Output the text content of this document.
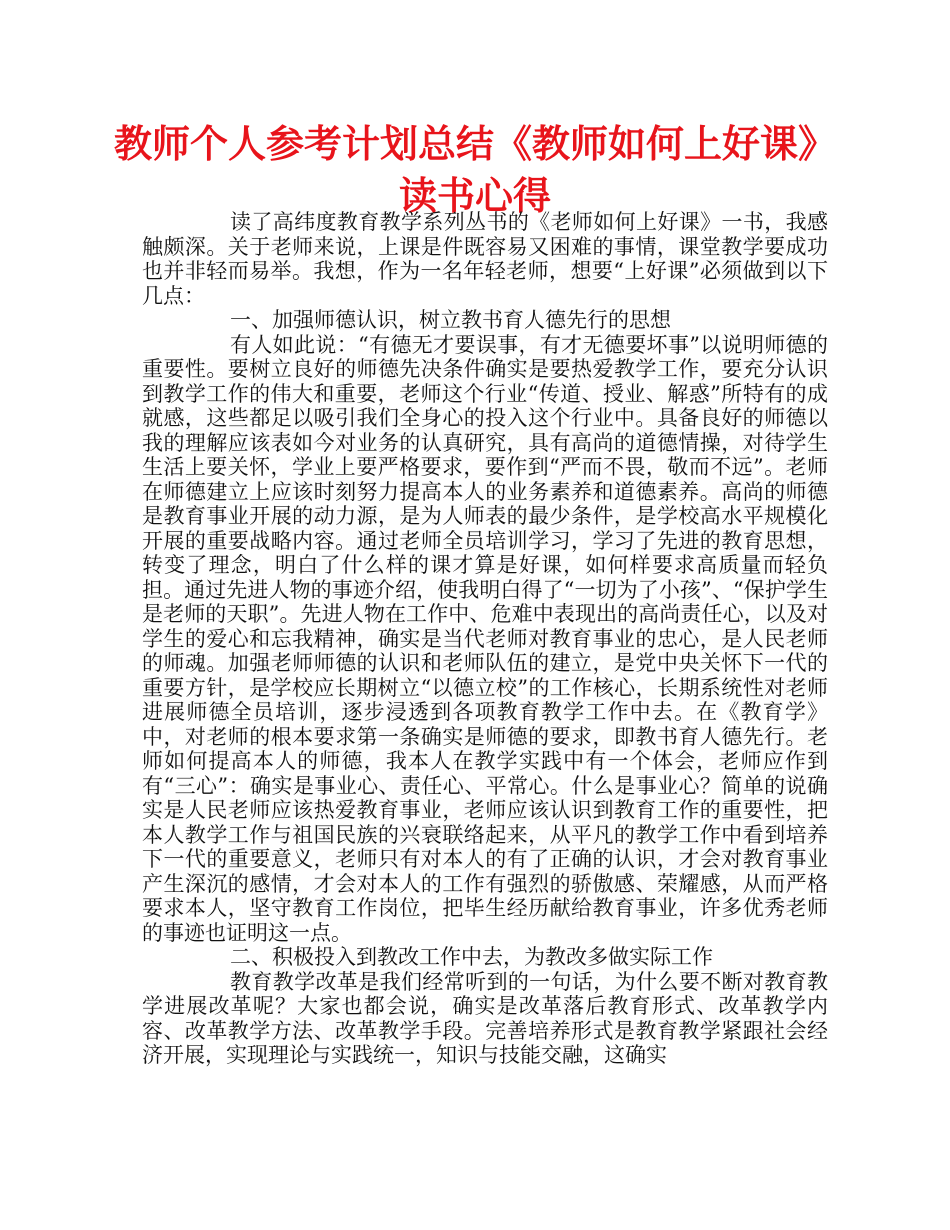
教师个人参考计划总结《教师如何上好课》读书心得

读了高纬度教育教学系列丛书的《老师如何上好课》一书，我感触颇深。关于老师来说，上课是件既容易又困难的事情，课堂教学要成功也并非轻而易举。我想，作为一名年轻老师，想要“上好课”必须做到以下几点：

一、加强师德认识，树立教书育人德先行的思想

有人如此说：“有德无才要误事，有才无德要坏事”以说明师德的重要性。要树立良好的师德先决条件确实是要热爱教学工作，要充分认识到教学工作的伟大和重要，老师这个行业“传道、授业、解惑”所特有的成就感，这些都足以吸引我们全身心的投入这个行业中。具备良好的师德以我的理解应该表如今对业务的认真研究，具有高尚的道德情操，对待学生生活上要关怀，学业上要严格要求，要作到“严而不畏，敬而不远”。老师在师德建立上应该时刻努力提高本人的业务素养和道德素养。高尚的师德是教育事业开展的动力源，是为人师表的最少条件，是学校高水平规模化开展的重要战略内容。通过老师全员培训学习，学习了先进的教育思想，转变了理念，明白了什么样的课才算是好课，如何样要求高质量而轻负担。通过先进人物的事迹介绍，使我明白得了“一切为了小孩”、“保护学生是老师的天职”。先进人物在工作中、危难中表现出的高尚责任心，以及对学生的爱心和忘我精神，确实是当代老师对教育事业的忠心，是人民老师的师魂。加强老师师德的认识和老师队伍的建立，是党中央关怀下一代的重要方针，是学校应长期树立“以德立校”的工作核心，长期系统性对老师进展师德全员培训，逐步浸透到各项教育教学工作中去。在《教育学》中，对老师的根本要求第一条确实是师德的要求，即教书育人德先行。老师如何提高本人的师德，我本人在教学实践中有一个体会，老师应作到有“三心”：确实是事业心、责任心、平常心。什么是事业心？简单的说确实是人民老师应该热爱教育事业，老师应该认识到教育工作的重要性，把本人教学工作与祖国民族的兴衰联络起来，从平凡的教学工作中看到培养下一代的重要意义，老师只有对本人的有了正确的认识，才会对教育事业产生深沉的感情，才会对本人的工作有强烈的骄傲感、荣耀感，从而严格要求本人，坚守教育工作岗位，把毕生经历献给教育事业，许多优秀老师的事迹也证明这一点。

二、积极投入到教改工作中去，为教改多做实际工作

教育教学改革是我们经常听到的一句话，为什么要不断对教育教学进展改革呢？大家也都会说，确实是改革落后教育形式、改革教学内容、改革教学方法、改革教学手段。完善培养形式是教育教学紧跟社会经济开展，实现理论与实践统一，知识与技能交融，这确实
